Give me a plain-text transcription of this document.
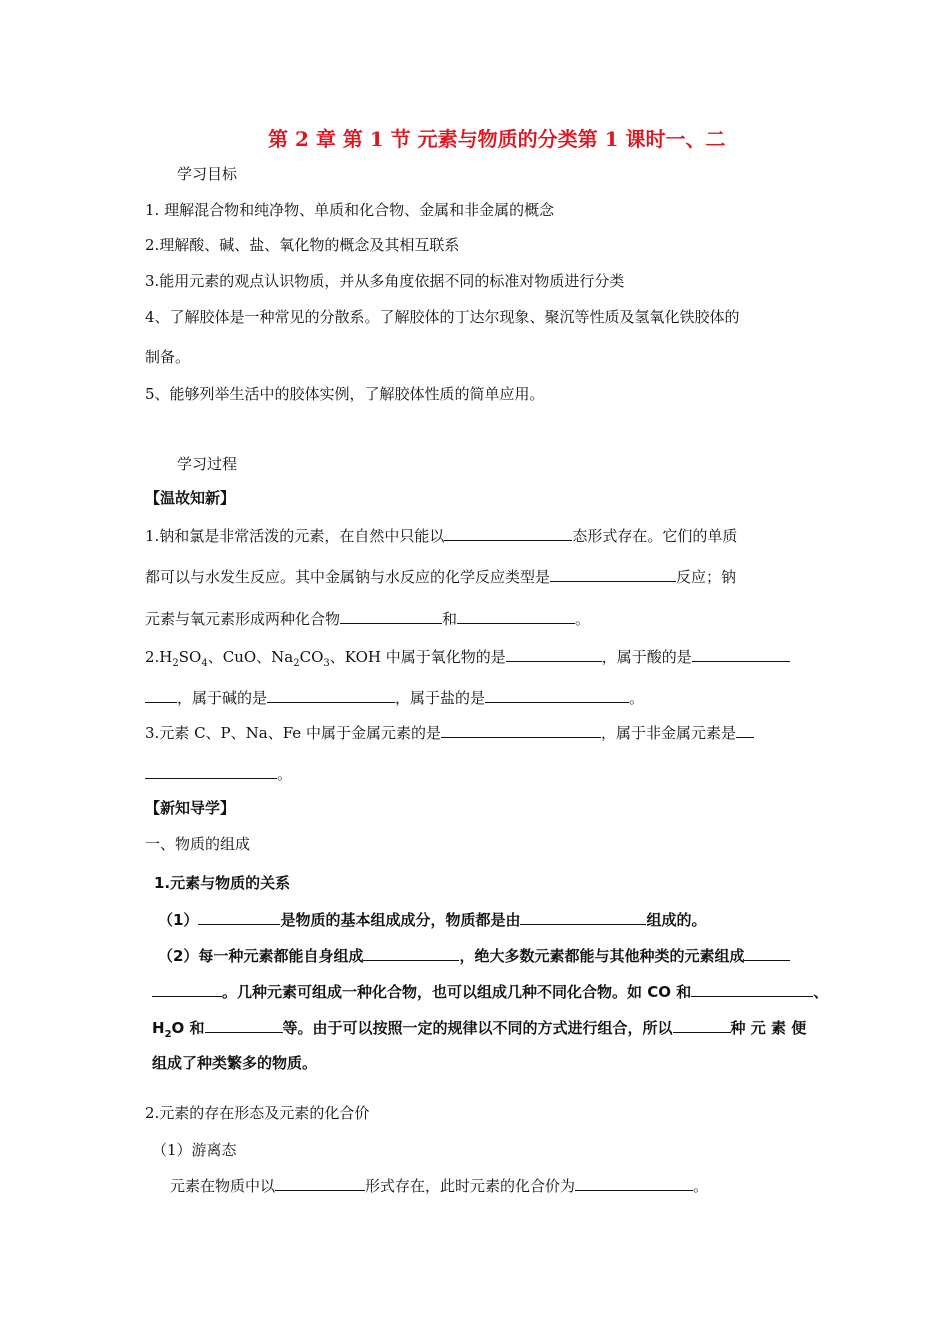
第 2 章 第 1 节 元素与物质的分类第 1 课时一、二
学习目标
1. 理解混合物和纯净物、单质和化合物、金属和非金属的概念
2.理解酸、碱、盐、氧化物的概念及其相互联系
3.能用元素的观点认识物质，并从多角度依据不同的标准对物质进行分类
4、了解胶体是一种常见的分散系。了解胶体的丁达尔现象、聚沉等性质及氢氧化铁胶体的
制备。
5、能够列举生活中的胶体实例，了解胶体性质的简单应用。
学习过程
【温故知新】
1.钠和氯是非常活泼的元素，在自然中只能以	态形式存在。它们的单质
都可以与水发生反应。其中金属钠与水反应的化学反应类型是	反应；钠
元素与氧元素形成两种化合物	和	。
$2.H_2SO_4$、CuO、$Na_2CO_3$、KOH 中属于氧化物的是	，属于酸的是
，属于碱的是	，属于盐的是	。
3.元素 C、P、Na、Fe 中属于金属元素的是	，属于非金属元素是
。
【新知导学】
一、物质的组成
1.元素与物质的关系
（1）	是物质的基本组成成分，物质都是由	组成的。
（2）每一种元素都能自身组成	，绝大多数元素都能与其他种类的元素组成
。几种元素可组成一种化合物，也可以组成几种不同化合物。如 CO 和	、
$H_2O$ 和	等。由于可以按照一定的规律以不同的方式进行组合，所以	种 元 素 便
组成了种类繁多的物质。
2.元素的存在形态及元素的化合价
（1）游离态
元素在物质中以	形式存在，此时元素的化合价为	。
